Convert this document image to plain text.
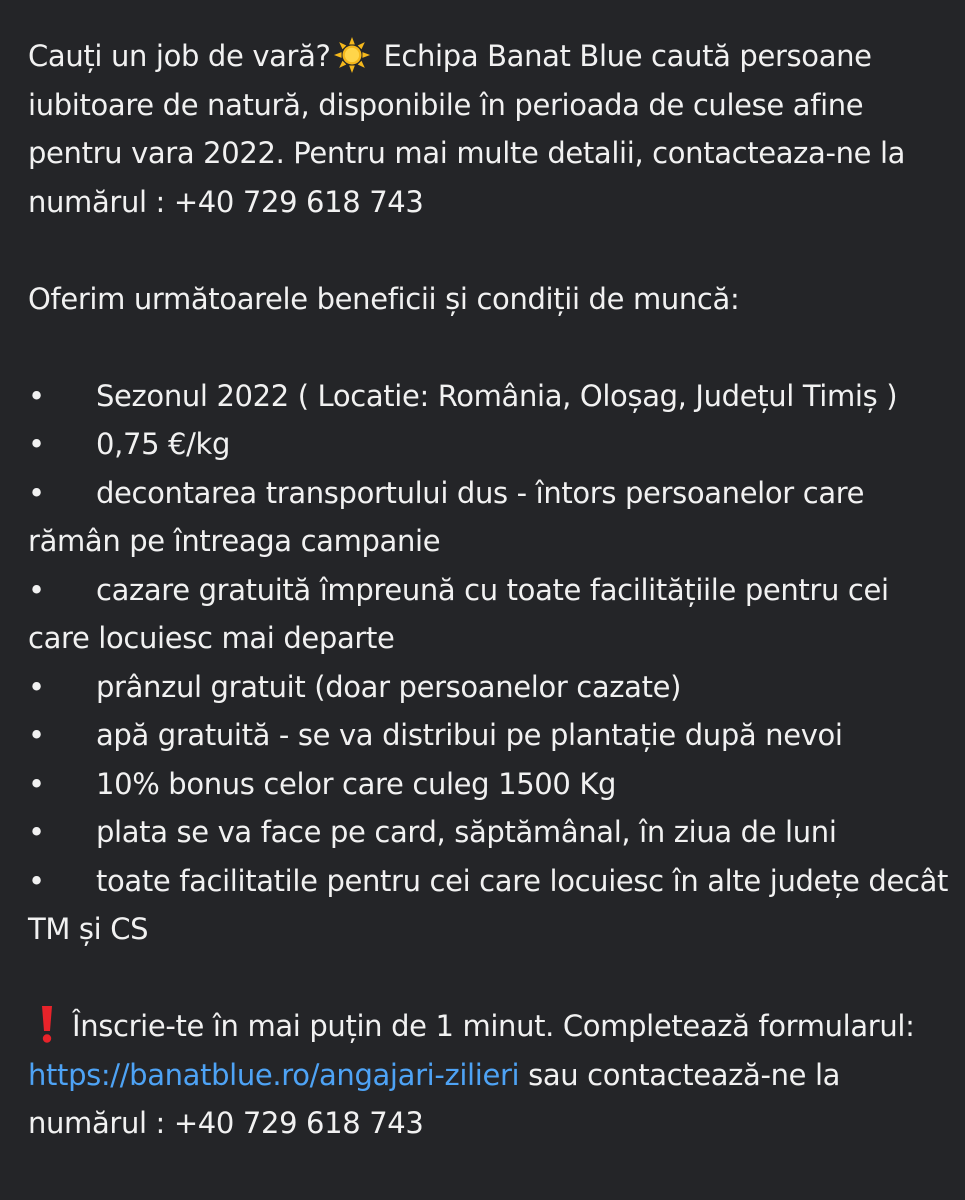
Cauți un job de vară? Echipa Banat Blue caută persoane iubitoare de natură, disponibile în perioada de culese afine pentru vara 2022. Pentru mai multe detalii, contacteaza-ne la numărul : +40 729 618 743

Oferim următoarele beneficii și condiții de muncă:

• Sezonul 2022 ( Locatie: România, Oloșag, Județul Timiș )

• 0,75 €/kg

• decontarea transportului dus - întors persoanelor care rămân pe întreaga campanie

• cazare gratuită împreună cu toate facilitățiile pentru cei care locuiesc mai departe

• prânzul gratuit (doar persoanelor cazate)

• apă gratuită - se va distribui pe plantație după nevoi

• 10% bonus celor care culeg 1500 Kg

• plata se va face pe card, săptămânal, în ziua de luni

• toate facilitatile pentru cei care locuiesc în alte județe decât TM și CS

Înscrie-te în mai puțin de 1 minut. Completează formularul: https://banatblue.ro/angajari-zilieri sau contactează-ne la numărul : +40 729 618 743
